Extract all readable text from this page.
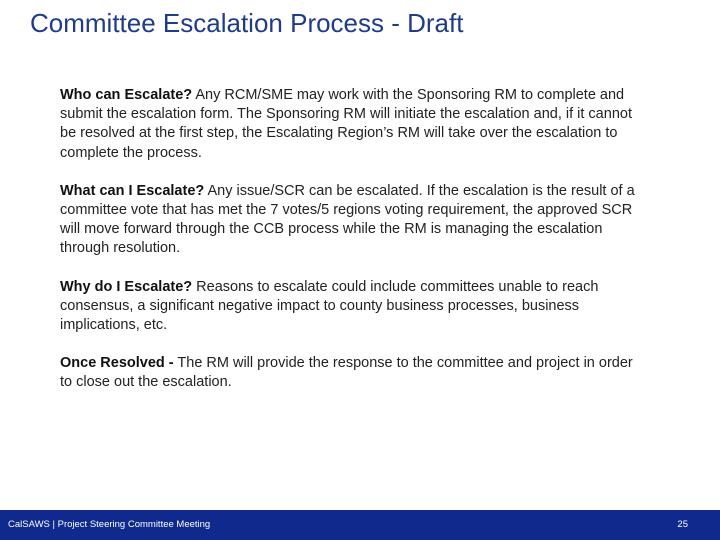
Committee Escalation Process - Draft

Who can Escalate? Any RCM/SME may work with the Sponsoring RM to complete and submit the escalation form. The Sponsoring RM will initiate the escalation and, if it cannot be resolved at the first step, the Escalating Region’s RM will take over the escalation to complete the process.

What can I Escalate? Any issue/SCR can be escalated. If the escalation is the result of a committee vote that has met the 7 votes/5 regions voting requirement, the approved SCR will move forward through the CCB process while the RM is managing the escalation through resolution.

Why do I Escalate? Reasons to escalate could include committees unable to reach consensus, a significant negative impact to county business processes, business implications, etc.

Once Resolved - The RM will provide the response to the committee and project in order to close out the escalation.

CalSAWS | Project Steering Committee Meeting	25
